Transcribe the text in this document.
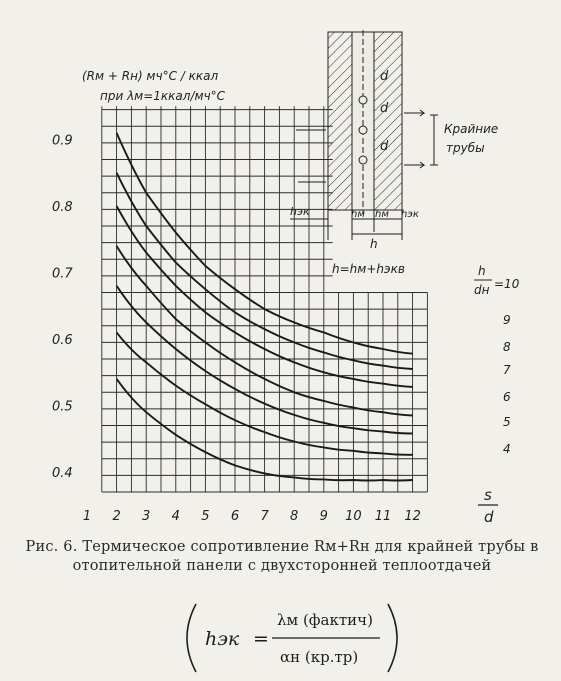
(Rм + Rн) мч°С / ккал
при λм=1ккал/мч°С
0.4
0.5
0.6
0.7
0.8
0.9
1 2 3 4 5 6 7 8 9 10 11 12
9
8
7
6
5
4
s
d
h=hм+hэкв	h
dн =10
d
d
d
Крайние
трубы
hэк	hм hм hэк
h
Рис. 6. Термическое сопротивление Rм+Rн для крайней трубы в отопительной панели с двухсторонней теплоотдачей
hэк =
λм (фактич)
αн (кр.тр)
